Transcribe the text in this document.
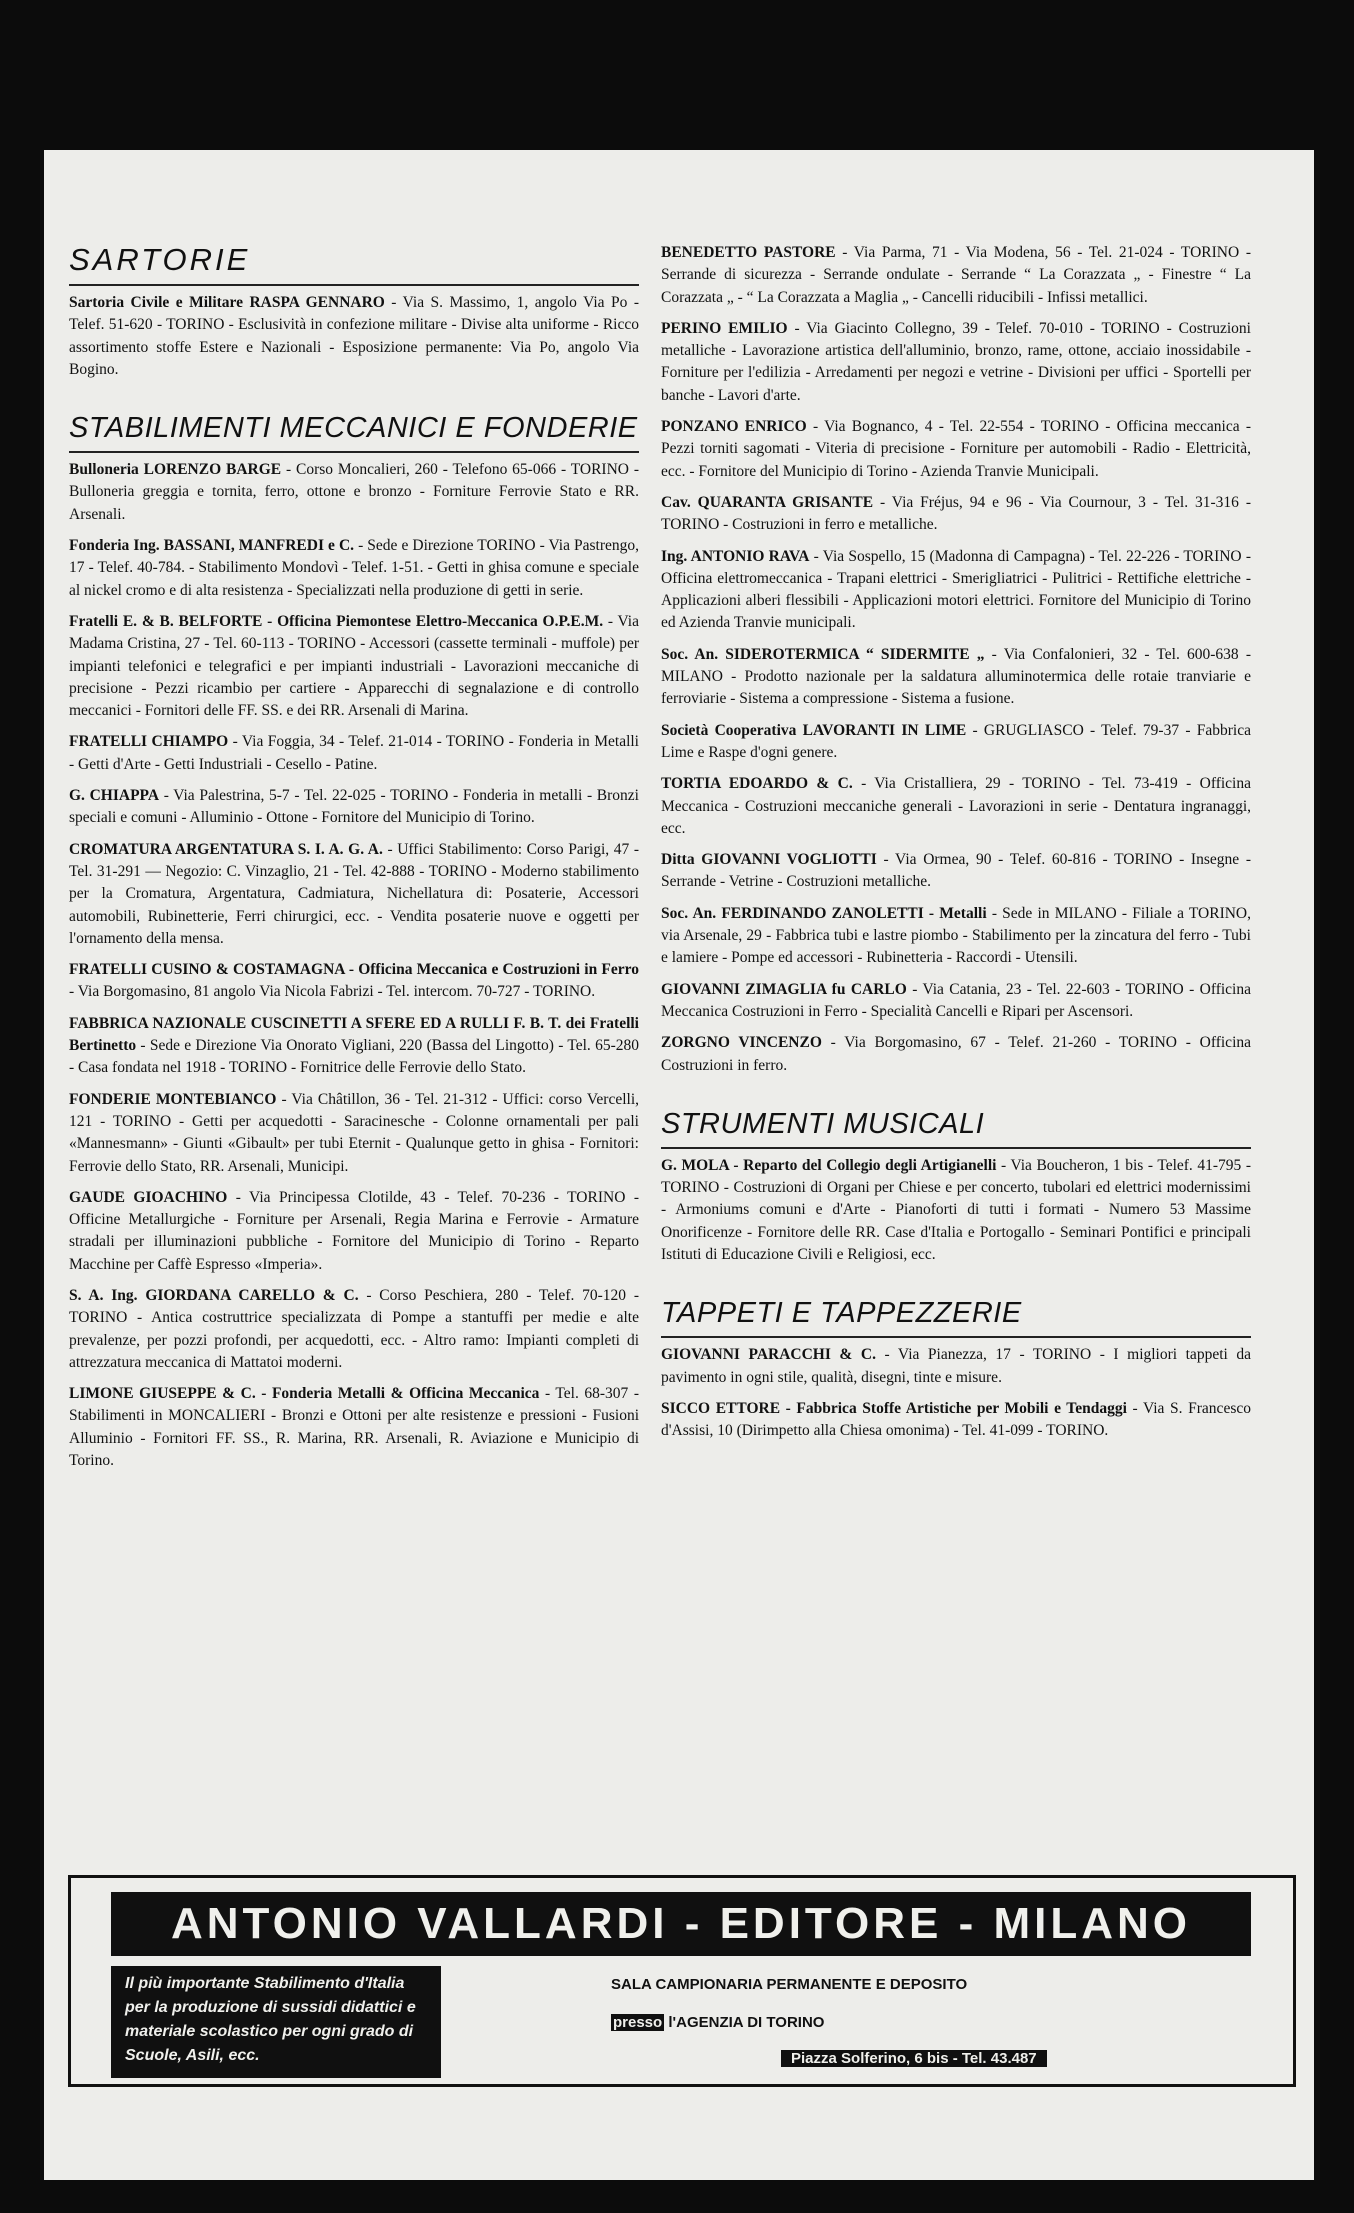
SARTORIE

Sartoria Civile e Militare RASPA GENNARO - Via S. Massimo, 1, angolo Via Po - Telef. 51-620 - TORINO - Esclusività in confezione militare - Divise alta uniforme - Ricco assortimento stoffe Estere e Nazionali - Esposizione permanente: Via Po, angolo Via Bogino.

STABILIMENTI MECCANICI E FONDERIE

Bulloneria LORENZO BARGE - Corso Moncalieri, 260 - Telefono 65-066 - TORINO - Bulloneria greggia e tornita, ferro, ottone e bronzo - Forniture Ferrovie Stato e RR. Arsenali.

Fonderia Ing. BASSANI, MANFREDI e C. - Sede e Direzione TORINO - Via Pastrengo, 17 - Telef. 40-784. - Stabilimento Mondovì - Telef. 1-51. - Getti in ghisa comune e speciale al nickel cromo e di alta resistenza - Specializzati nella produzione di getti in serie.

Fratelli E. & B. BELFORTE - Officina Piemontese Elettro-Meccanica O.P.E.M. - Via Madama Cristina, 27 - Tel. 60-113 - TORINO - Accessori (cassette terminali - muffole) per impianti telefonici e telegrafici e per impianti industriali - Lavorazioni meccaniche di precisione - Pezzi ricambio per cartiere - Apparecchi di segnalazione e di controllo meccanici - Fornitori delle FF. SS. e dei RR. Arsenali di Marina.

FRATELLI CHIAMPO - Via Foggia, 34 - Telef. 21-014 - TORINO - Fonderia in Metalli - Getti d'Arte - Getti Industriali - Cesello - Patine.

G. CHIAPPA - Via Palestrina, 5-7 - Tel. 22-025 - TORINO - Fonderia in metalli - Bronzi speciali e comuni - Alluminio - Ottone - Fornitore del Municipio di Torino.

CROMATURA ARGENTATURA S. I. A. G. A. - Uffici Stabilimento: Corso Parigi, 47 - Tel. 31-291 — Negozio: C. Vinzaglio, 21 - Tel. 42-888 - TORINO - Moderno stabilimento per la Cromatura, Argentatura, Cadmiatura, Nichellatura di: Posaterie, Accessori automobili, Rubinetterie, Ferri chirurgici, ecc. - Vendita posaterie nuove e oggetti per l'ornamento della mensa.

FRATELLI CUSINO & COSTAMAGNA - Officina Meccanica e Costruzioni in Ferro - Via Borgomasino, 81 angolo Via Nicola Fabrizi - Tel. intercom. 70-727 - TORINO.

FABBRICA NAZIONALE CUSCINETTI A SFERE ED A RULLI F. B. T. dei Fratelli Bertinetto - Sede e Direzione Via Onorato Vigliani, 220 (Bassa del Lingotto) - Tel. 65-280 - Casa fondata nel 1918 - TORINO - Fornitrice delle Ferrovie dello Stato.

FONDERIE MONTEBIANCO - Via Châtillon, 36 - Tel. 21-312 - Uffici: corso Vercelli, 121 - TORINO - Getti per acquedotti - Saracinesche - Colonne ornamentali per pali «Mannesmann» - Giunti «Gibault» per tubi Eternit - Qualunque getto in ghisa - Fornitori: Ferrovie dello Stato, RR. Arsenali, Municipi.

GAUDE GIOACHINO - Via Principessa Clotilde, 43 - Telef. 70-236 - TORINO - Officine Metallurgiche - Forniture per Arsenali, Regia Marina e Ferrovie - Armature stradali per illuminazioni pubbliche - Fornitore del Municipio di Torino - Reparto Macchine per Caffè Espresso «Imperia».

S. A. Ing. GIORDANA CARELLO & C. - Corso Peschiera, 280 - Telef. 70-120 - TORINO - Antica costruttrice specializzata di Pompe a stantuffi per medie e alte prevalenze, per pozzi profondi, per acquedotti, ecc. - Altro ramo: Impianti completi di attrezzatura meccanica di Mattatoi moderni.

LIMONE GIUSEPPE & C. - Fonderia Metalli & Officina Meccanica - Tel. 68-307 - Stabilimenti in MONCALIERI - Bronzi e Ottoni per alte resistenze e pressioni - Fusioni Alluminio - Fornitori FF. SS., R. Marina, RR. Arsenali, R. Aviazione e Municipio di Torino.

BENEDETTO PASTORE - Via Parma, 71 - Via Modena, 56 - Tel. 21-024 - TORINO - Serrande di sicurezza - Serrande ondulate - Serrande “ La Corazzata „ - Finestre “ La Corazzata „ - “ La Corazzata a Maglia „ - Cancelli riducibili - Infissi metallici.

PERINO EMILIO - Via Giacinto Collegno, 39 - Telef. 70-010 - TORINO - Costruzioni metalliche - Lavorazione artistica dell'alluminio, bronzo, rame, ottone, acciaio inossidabile - Forniture per l'edilizia - Arredamenti per negozi e vetrine - Divisioni per uffici - Sportelli per banche - Lavori d'arte.

PONZANO ENRICO - Via Bognanco, 4 - Tel. 22-554 - TORINO - Officina meccanica - Pezzi torniti sagomati - Viteria di precisione - Forniture per automobili - Radio - Elettricità, ecc. - Fornitore del Municipio di Torino - Azienda Tranvie Municipali.

Cav. QUARANTA GRISANTE - Via Fréjus, 94 e 96 - Via Cournour, 3 - Tel. 31-316 - TORINO - Costruzioni in ferro e metalliche.

Ing. ANTONIO RAVA - Via Sospello, 15 (Madonna di Campagna) - Tel. 22-226 - TORINO - Officina elettromeccanica - Trapani elettrici - Smerigliatrici - Pulitrici - Rettifiche elettriche - Applicazioni alberi flessibili - Applicazioni motori elettrici. Fornitore del Municipio di Torino ed Azienda Tranvie municipali.

Soc. An. SIDEROTERMICA “ SIDERMITE „ - Via Confalonieri, 32 - Tel. 600-638 - MILANO - Prodotto nazionale per la saldatura alluminotermica delle rotaie tranviarie e ferroviarie - Sistema a compressione - Sistema a fusione.

Società Cooperativa LAVORANTI IN LIME - GRUGLIASCO - Telef. 79-37 - Fabbrica Lime e Raspe d'ogni genere.

TORTIA EDOARDO & C. - Via Cristalliera, 29 - TORINO - Tel. 73-419 - Officina Meccanica - Costruzioni meccaniche generali - Lavorazioni in serie - Dentatura ingranaggi, ecc.

Ditta GIOVANNI VOGLIOTTI - Via Ormea, 90 - Telef. 60-816 - TORINO - Insegne - Serrande - Vetrine - Costruzioni metalliche.

Soc. An. FERDINANDO ZANOLETTI - Metalli - Sede in MILANO - Filiale a TORINO, via Arsenale, 29 - Fabbrica tubi e lastre piombo - Stabilimento per la zincatura del ferro - Tubi e lamiere - Pompe ed accessori - Rubinetteria - Raccordi - Utensili.

GIOVANNI ZIMAGLIA fu CARLO - Via Catania, 23 - Tel. 22-603 - TORINO - Officina Meccanica Costruzioni in Ferro - Specialità Cancelli e Ripari per Ascensori.

ZORGNO VINCENZO - Via Borgomasino, 67 - Telef. 21-260 - TORINO - Officina Costruzioni in ferro.

STRUMENTI MUSICALI

G. MOLA - Reparto del Collegio degli Artigianelli - Via Boucheron, 1 bis - Telef. 41-795 - TORINO - Costruzioni di Organi per Chiese e per concerto, tubolari ed elettrici modernissimi - Armoniums comuni e d'Arte - Pianoforti di tutti i formati - Numero 53 Massime Onorificenze - Fornitore delle RR. Case d'Italia e Portogallo - Seminari Pontifici e principali Istituti di Educazione Civili e Religiosi, ecc.

TAPPETI E TAPPEZZERIE

GIOVANNI PARACCHI & C. - Via Pianezza, 17 - TORINO - I migliori tappeti da pavimento in ogni stile, qualità, disegni, tinte e misure.

SICCO ETTORE - Fabbrica Stoffe Artistiche per Mobili e Tendaggi - Via S. Francesco d'Assisi, 10 (Dirimpetto alla Chiesa omonima) - Tel. 41-099 - TORINO.

ANTONIO VALLARDI - EDITORE - MILANO
Il più importante Stabilimento d'Italia per la produzione di sussidi didattici e materiale scolastico per ogni grado di Scuole, Asili, ecc.
SALA CAMPIONARIA PERMANENTE E DEPOSITO
presso l'AGENZIA DI TORINO
Piazza Solferino, 6 bis - Tel. 43.487
